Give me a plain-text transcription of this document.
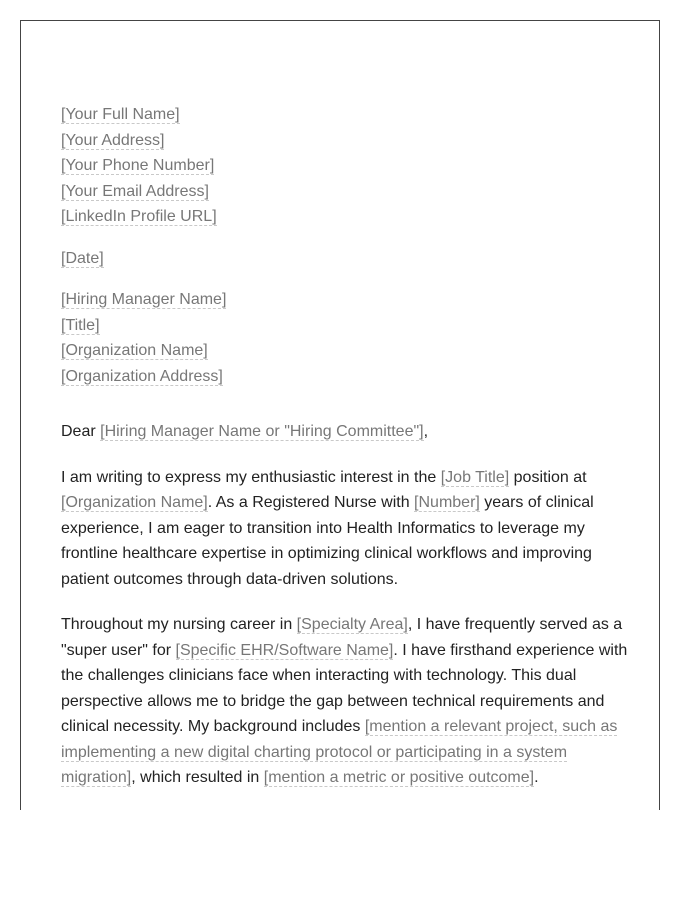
[Your Full Name]
[Your Address]
[Your Phone Number]
[Your Email Address]
[LinkedIn Profile URL]
[Date]
[Hiring Manager Name]
[Title]
[Organization Name]
[Organization Address]

Dear [Hiring Manager Name or "Hiring Committee"],

I am writing to express my enthusiastic interest in the [Job Title] position at [Organization Name]. As a Registered Nurse with [Number] years of clinical experience, I am eager to transition into Health Informatics to leverage my frontline healthcare expertise in optimizing clinical workflows and improving patient outcomes through data-driven solutions.

Throughout my nursing career in [Specialty Area], I have frequently served as a "super user" for [Specific EHR/Software Name]. I have firsthand experience with the challenges clinicians face when interacting with technology. This dual perspective allows me to bridge the gap between technical requirements and clinical necessity. My background includes [mention a relevant project, such as implementing a new digital charting protocol or participating in a system migration], which resulted in [mention a metric or positive outcome].
